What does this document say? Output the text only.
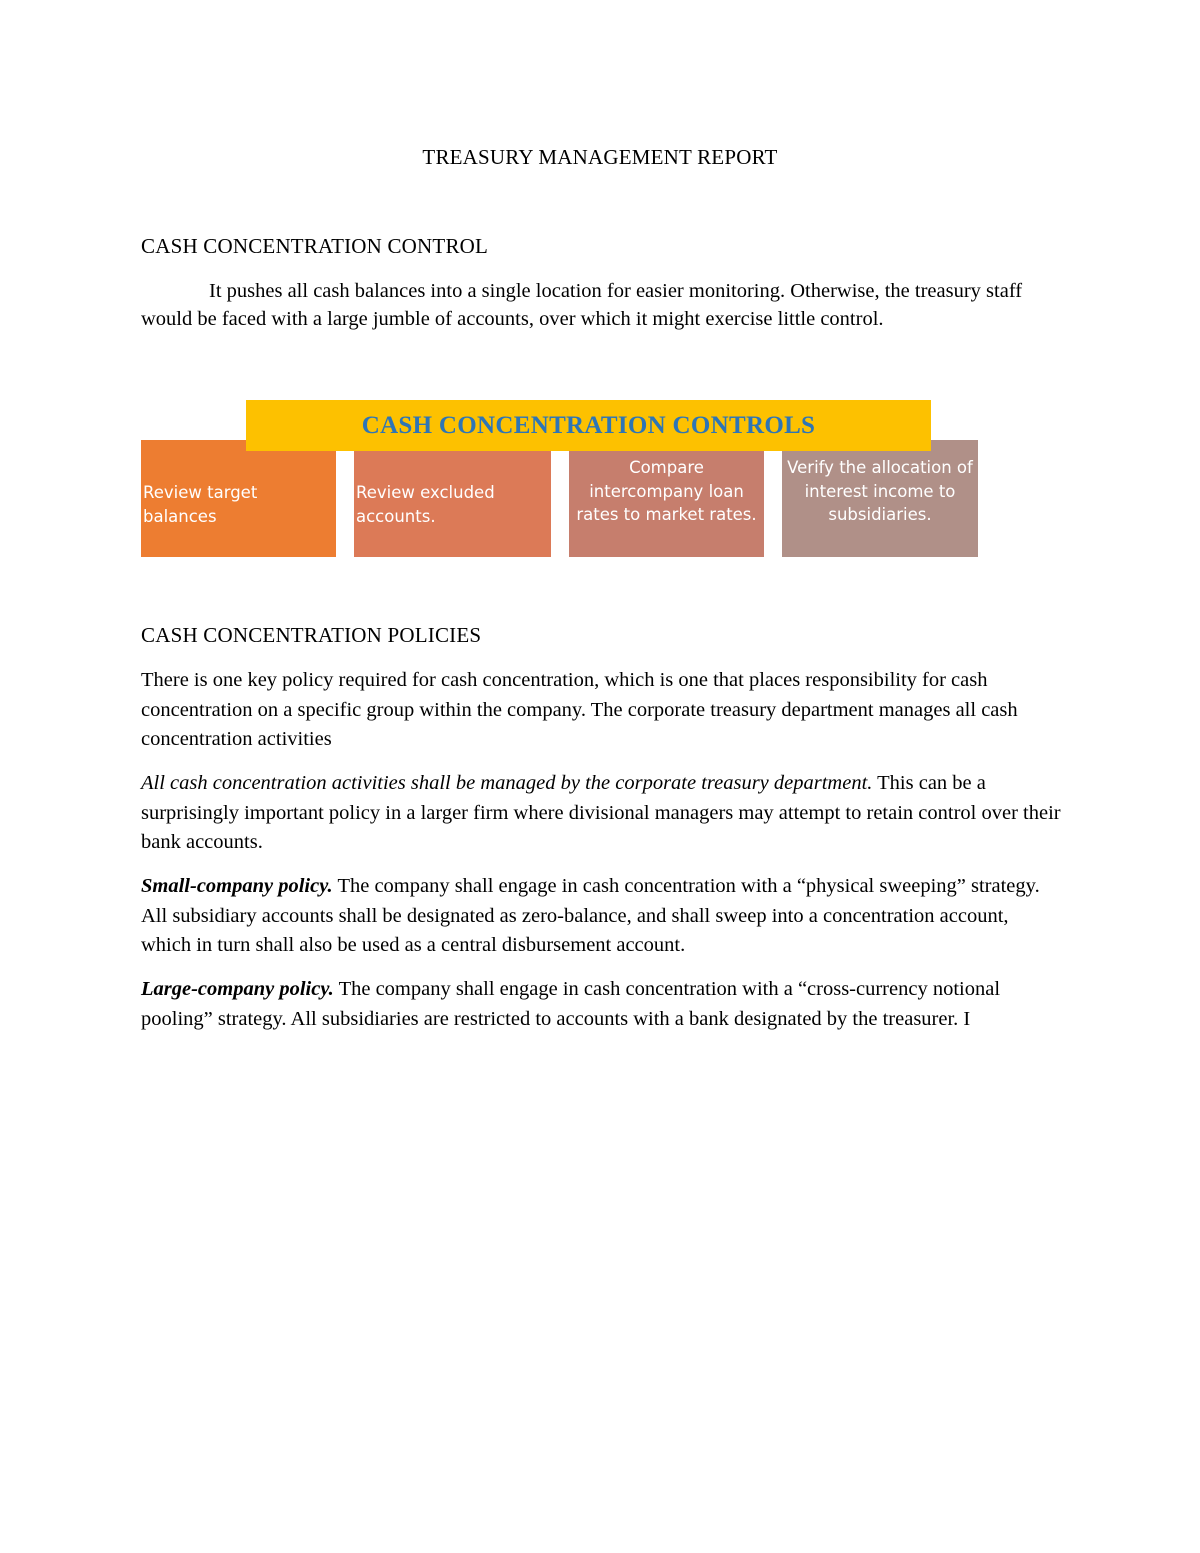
TREASURY MANAGEMENT REPORT
CASH CONCENTRATION CONTROL

It pushes all cash balances into a single location for easier monitoring. Otherwise, the treasury staff would be faced with a large jumble of accounts, over which it might exercise little control.

CASH CONCENTRATION CONTROLS
Review target balances
Review excluded accounts.
Compare intercompany loan rates to market rates.
Verify the allocation of interest income to subsidiaries.
CASH CONCENTRATION POLICIES

There is one key policy required for cash concentration, which is one that places responsibility for cash concentration on a specific group within the company. The corporate treasury department manages all cash concentration activities

All cash concentration activities shall be managed by the corporate treasury department. This can be a surprisingly important policy in a larger firm where divisional managers may attempt to retain control over their bank accounts.

Small-company policy. The company shall engage in cash concentration with a “physical sweeping” strategy. All subsidiary accounts shall be designated as zero-balance, and shall sweep into a concentration account, which in turn shall also be used as a central disbursement account.

Large-company policy. The company shall engage in cash concentration with a “cross-currency notional pooling” strategy. All subsidiaries are restricted to accounts with a bank designated by the treasurer. I
